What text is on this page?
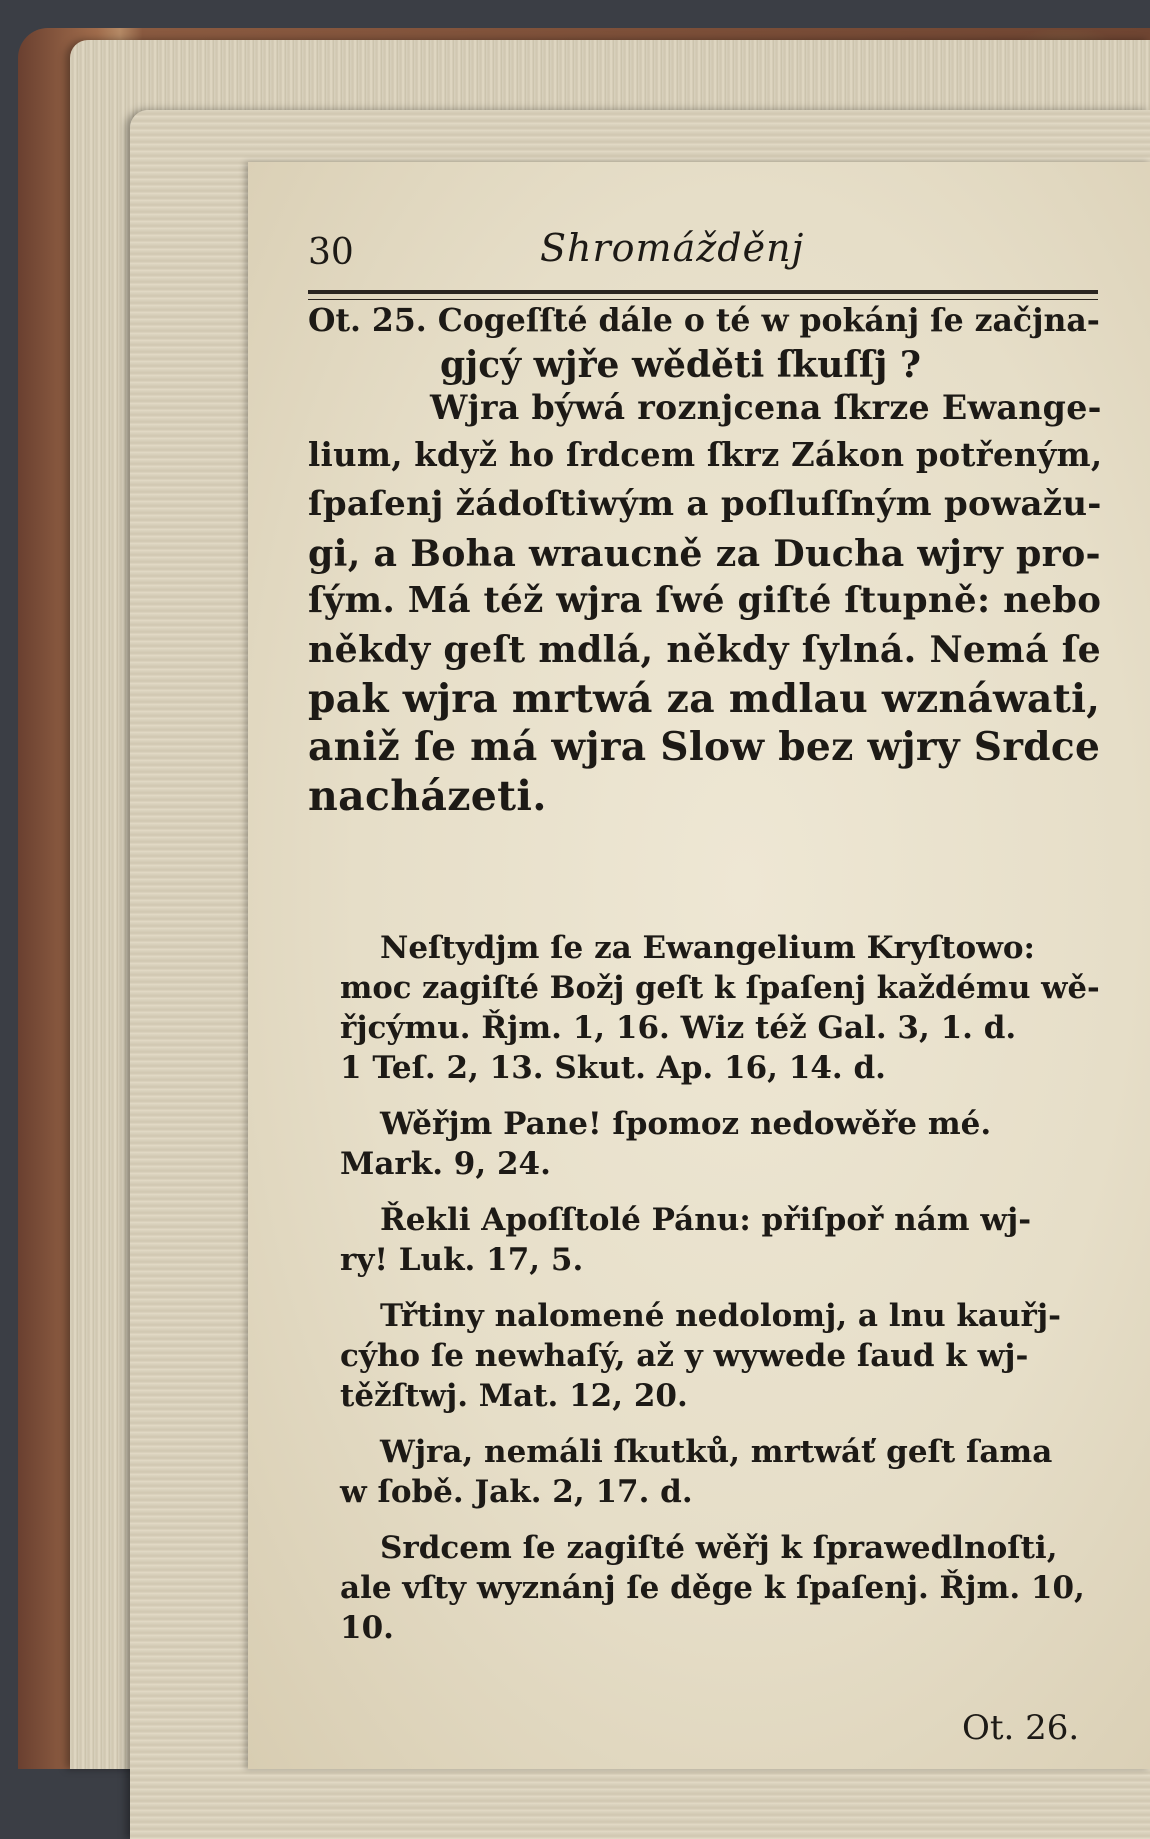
30	Shromážděnj
Ot. 25. Cogeſſté dále o té w pokánj ſe začjna-
gjcý wjře wěděti ſkuſſj ?
Wjra býwá roznjcena ſkrze Ewange-
lium, když ho ſrdcem ſkrz Zákon potřeným,
ſpaſenj žádoſtiwým a poſluſſným powažu-
gi, a Boha wraucně za Ducha wjry pro-
ſým. Má též wjra ſwé giſté ſtupně: nebo
někdy geſt mdlá, někdy ſylná. Nemá ſe
pak wjra mrtwá za mdlau wznáwati,
aniž ſe má wjra Slow bez wjry Srdce
nacházeti.
Neſtydjm ſe za Ewangelium Kryſtowo:
moc zagiſté Božj geſt k ſpaſenj každému wě-
řjcýmu. Řjm. 1, 16. Wiz též Gal. 3, 1. d.
1 Teſ. 2, 13. Skut. Ap. 16, 14. d.
Wěřjm Pane! ſpomoz nedowěře mé.
Mark. 9, 24.
Řekli Apoſſtolé Pánu: přiſpoř nám wj-
ry! Luk. 17, 5.
Třtiny nalomené nedolomj, a lnu kauřj-
cýho ſe newhaſý, až y wywede ſaud k wj-
těžſtwj. Mat. 12, 20.
Wjra, nemáli ſkutků, mrtwáť geſt ſama
w ſobě. Jak. 2, 17. d.
Srdcem ſe zagiſté wěřj k ſprawedlnoſti,
ale vſty wyznánj ſe děge k ſpaſenj. Řjm. 10,
10.
Ot. 26.
